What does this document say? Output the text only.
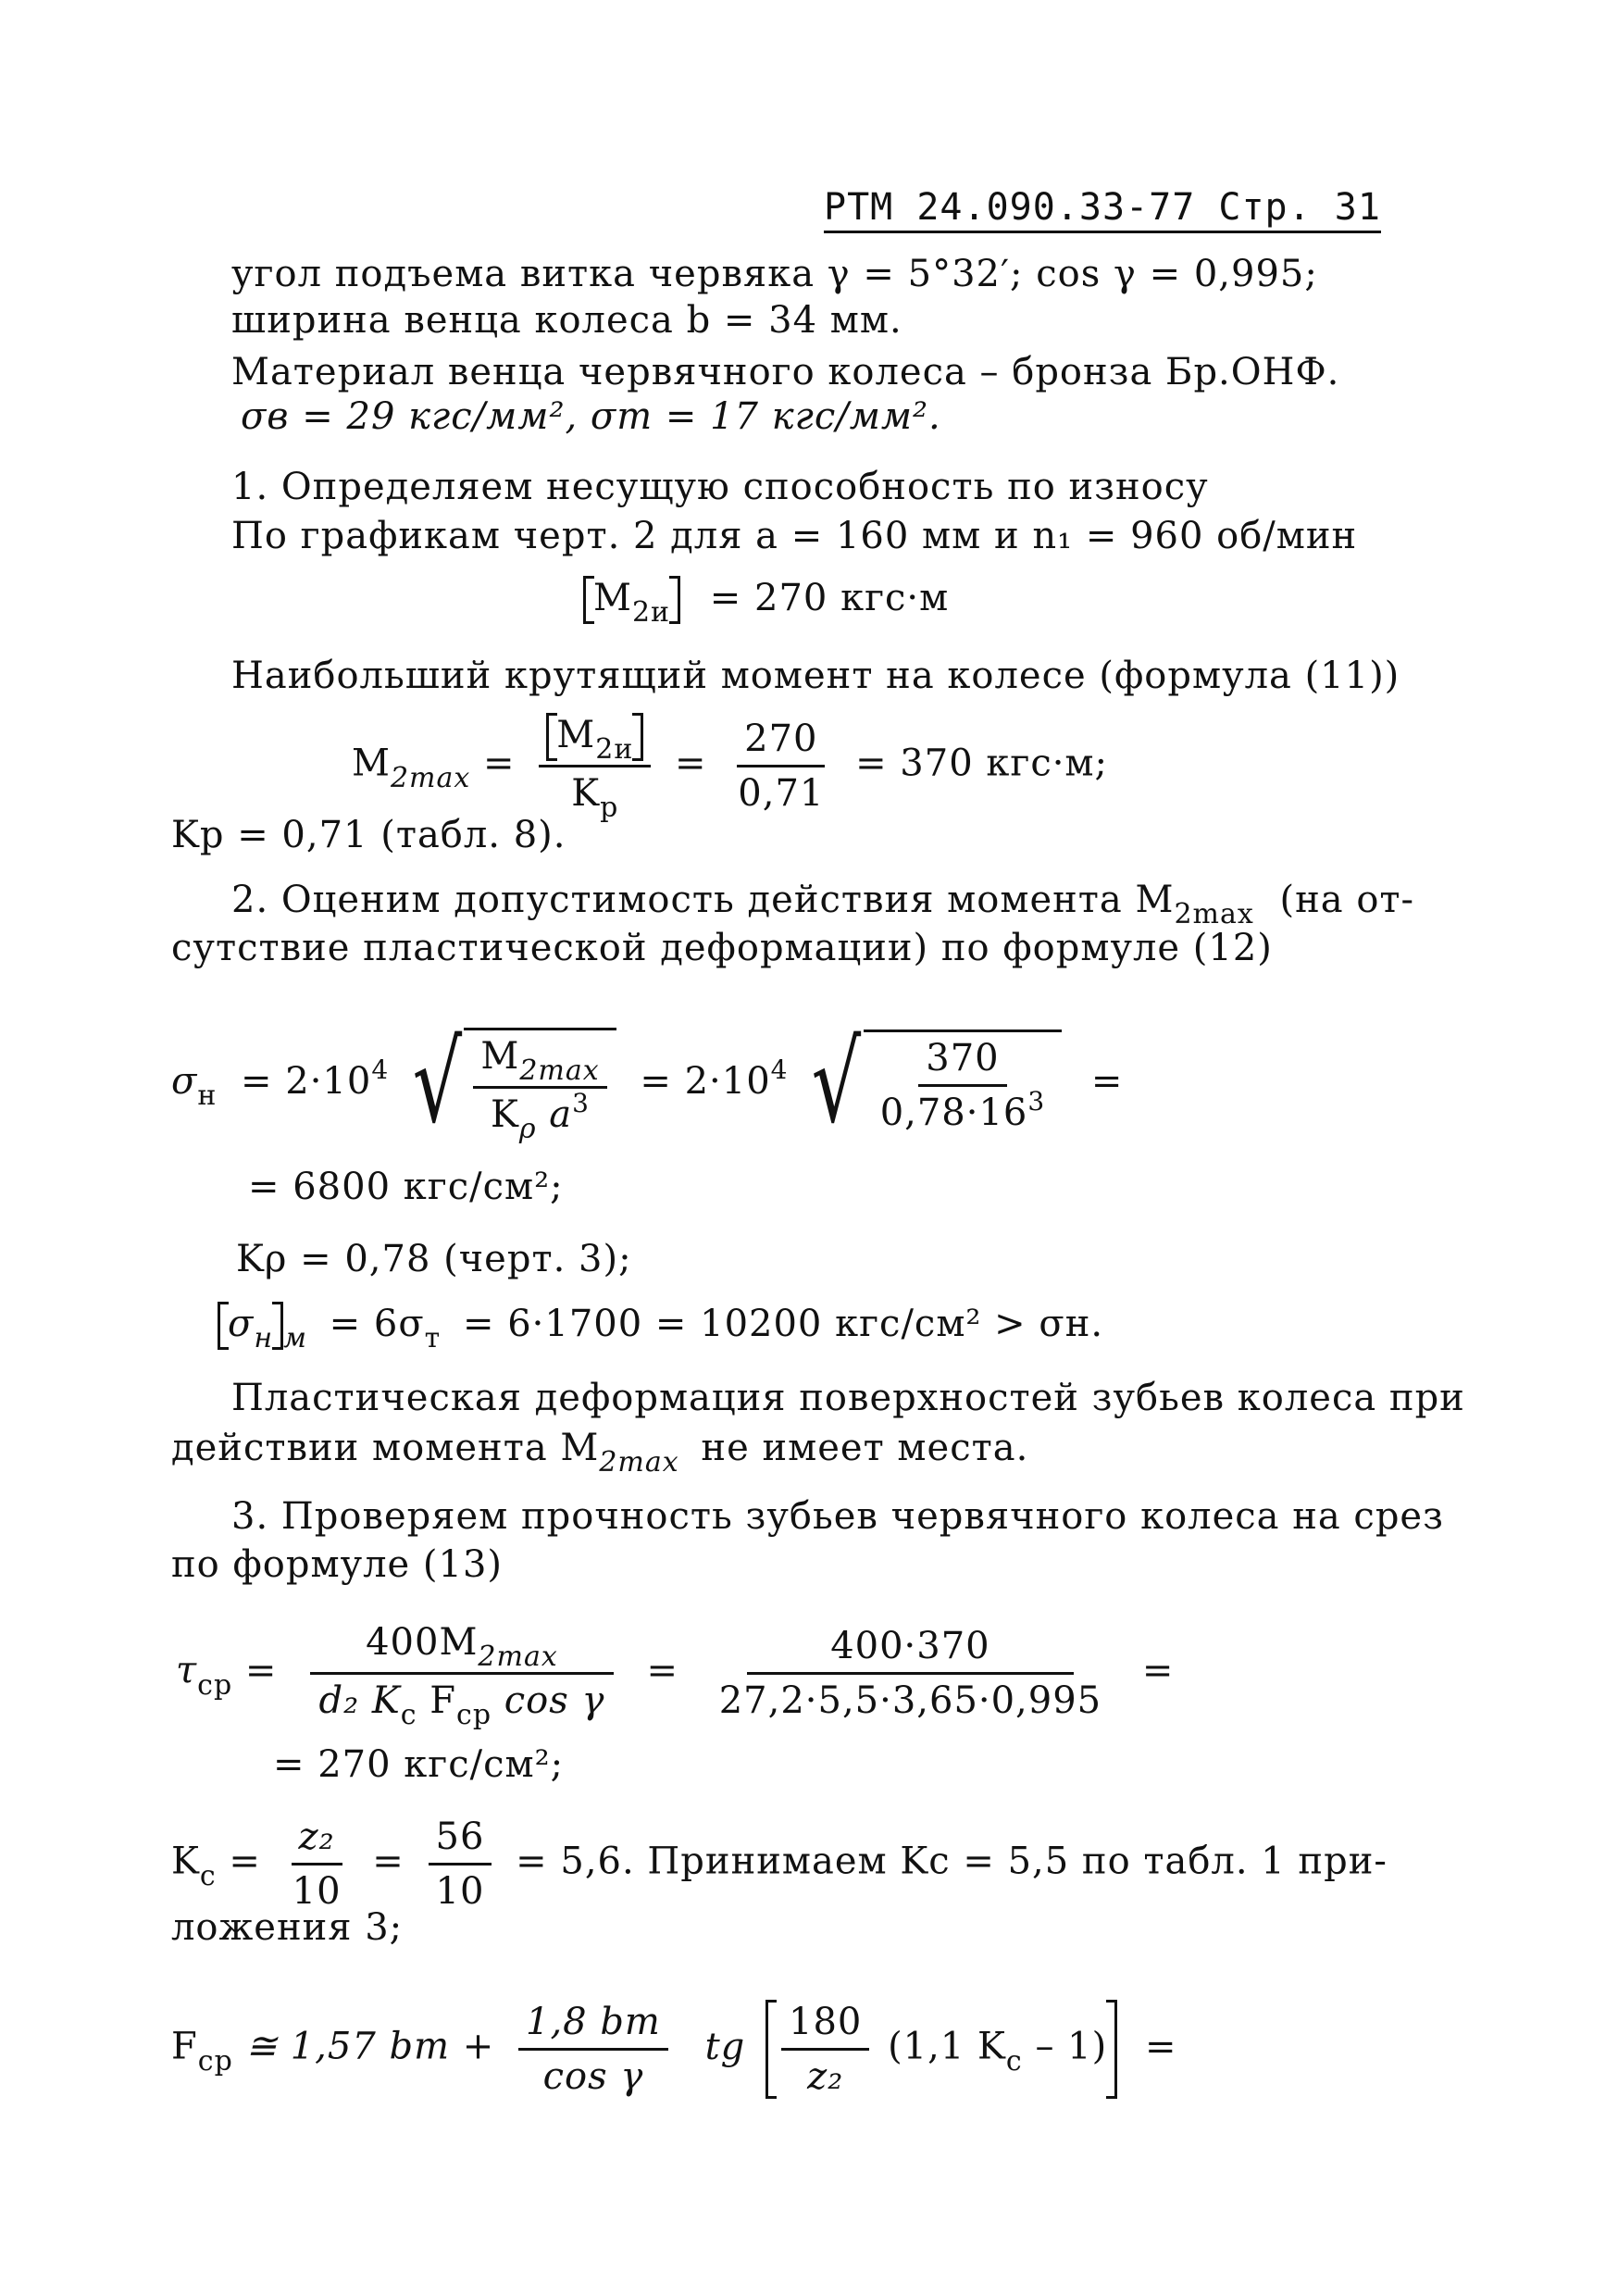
РТМ 24.090.33-77 Стр. 31
угол подъема витка червяка γ = 5°32′; cos γ = 0,995;
ширина венца колеса b = 34 мм.
Материал венца червячного колеса – бронза Бр.ОНФ.
σв = 29 кгс/мм², σт = 17 кгс/мм².
1. Определяем несущую способность по износу
По графикам черт. 2 для a = 160 мм и n₁ = 960 об/мин
$M_{2и} = 270$ кгс·м
Наибольший крутящий момент на колесе (формула (11))
$M_{2max} = \frac{M_{2и}}{K_p} = \frac{270}{0,71} = 370$ кгс·м;
Kр = 0,71 (табл. 8).
2. Оценим допустимость действия момента $M_{2max}$ (на от-
сутствие пластической деформации) по формуле (12)
$\sigma_н = 2\cdot 10^4$ √ $\frac{M_{2max}}{K_\rho a^3} = 2\cdot 10^4$ √ $\frac{370}{0,78\cdot 16^3}$ =
= 6800 кгс/см²;
Kρ = 0,78 (черт. 3);
$\sigma_н$ $_м = 6\sigma_т = 6\cdot 1700 = 10200$ кгс/см² > σн.
Пластическая деформация поверхностей зубьев колеса при
действии момента $M_{2max}$ не имеет места.
3. Проверяем прочность зубьев червячного колеса на срез
по формуле (13)
$\tau_{ср} = \frac{400M_{2max}}{d_2 K_с F_{ср} \cos \gamma} = \frac{400\cdot 370}{27,2\cdot 5,5\cdot 3,65\cdot 0,995}$ =
= 270 кгс/см²;
$K_с = \frac{\text{z₂}}{10} = \frac{56}{10} = 5,6$. Принимаем Kс = 5,5 по табл. 1 при-
ложения 3;
$F_{ср}$ ≅ 1,57 bm + $\frac{1,8 bm}{\text{cos γ}}$ tg $\frac{180}{\text{z₂}} (1,1$ $K_с - 1$) =
